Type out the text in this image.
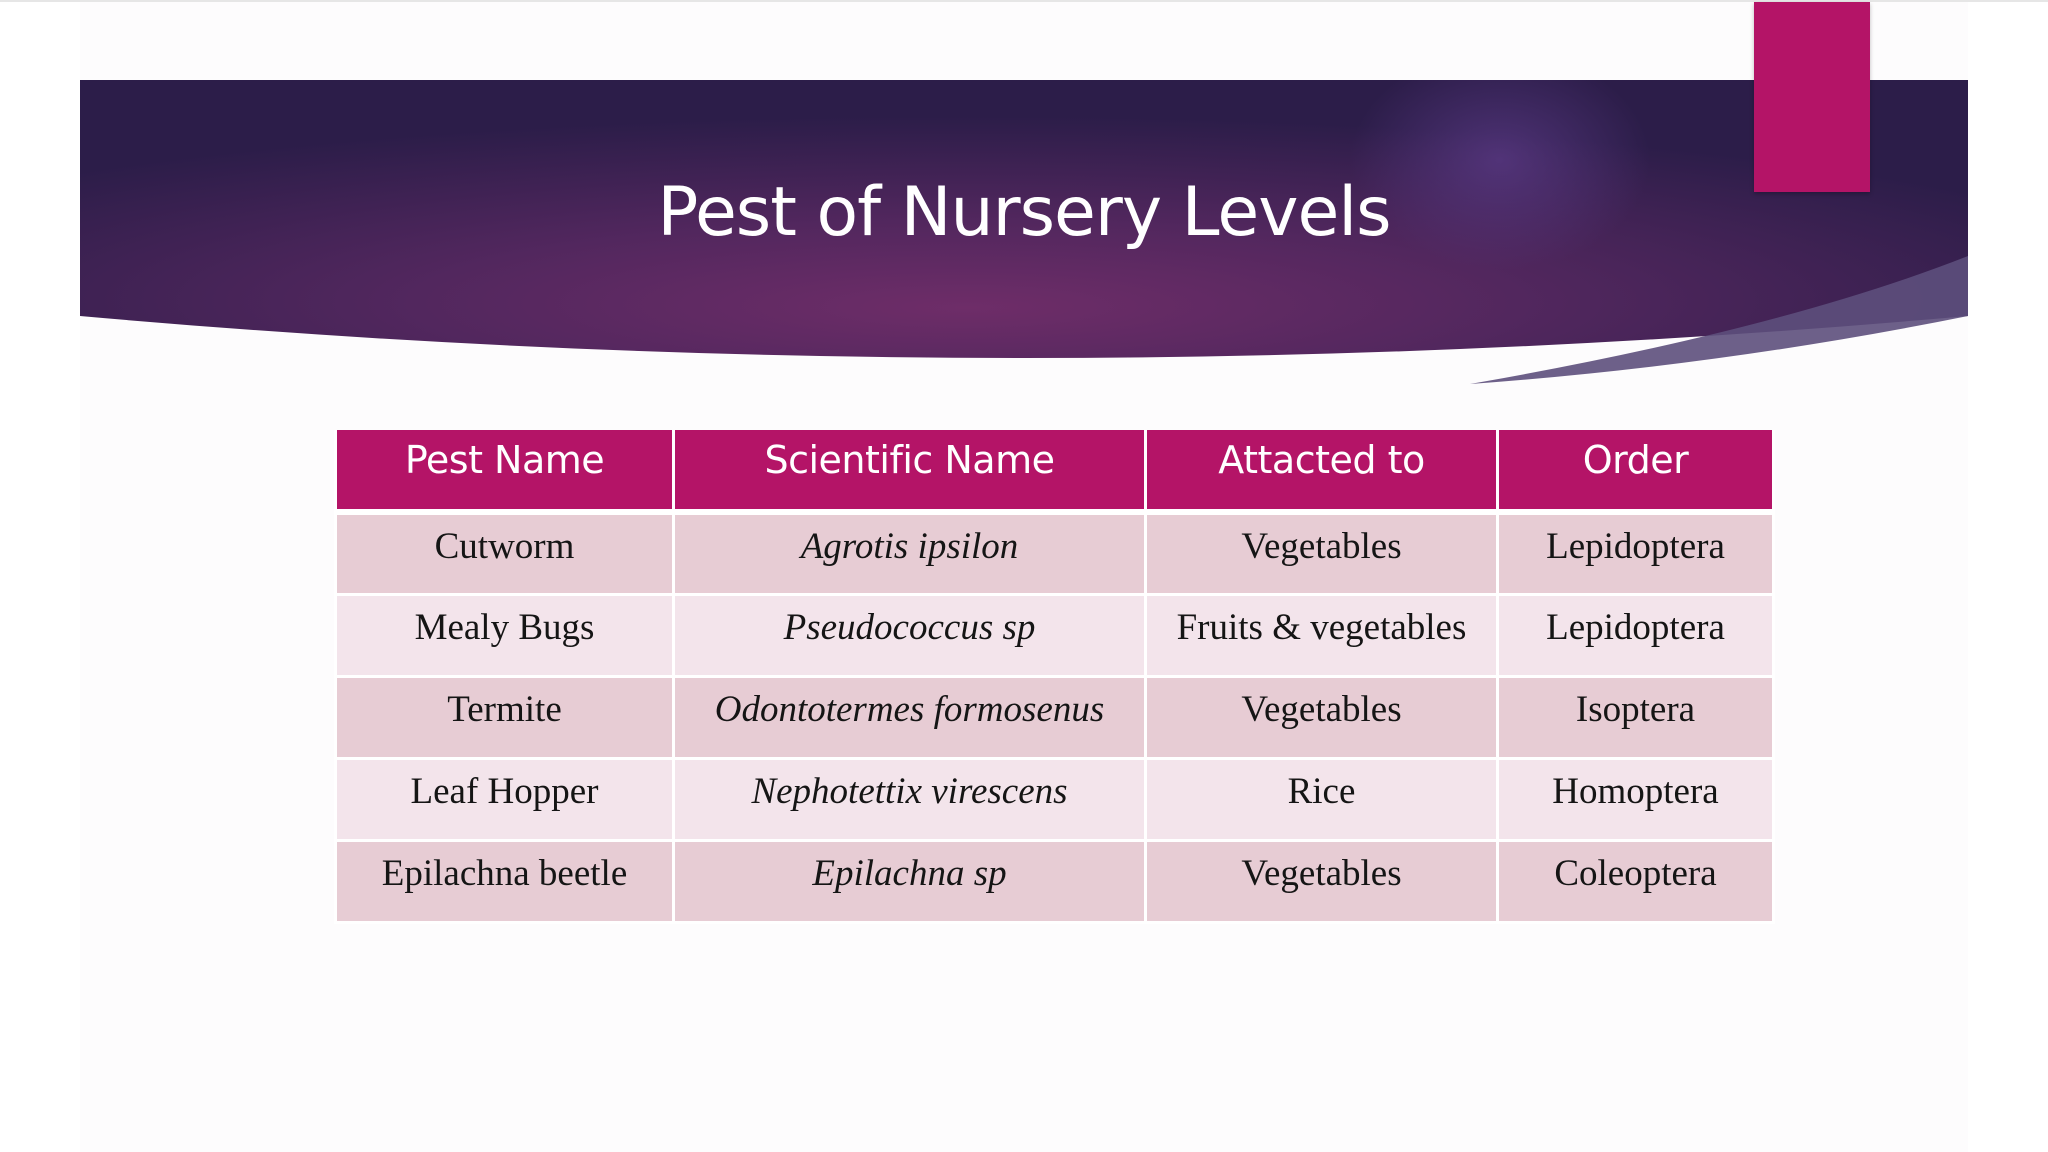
Pest of Nursery Levels
Pest Name	Scientific Name	Attacted to	Order
Cutworm	Agrotis ipsilon	Vegetables	Lepidoptera
Mealy Bugs	Pseudococcus sp	Fruits & vegetables	Lepidoptera
Termite	Odontotermes formosenus	Vegetables	Isoptera
Leaf Hopper	Nephotettix virescens	Rice	Homoptera
Epilachna beetle	Epilachna sp	Vegetables	Coleoptera
